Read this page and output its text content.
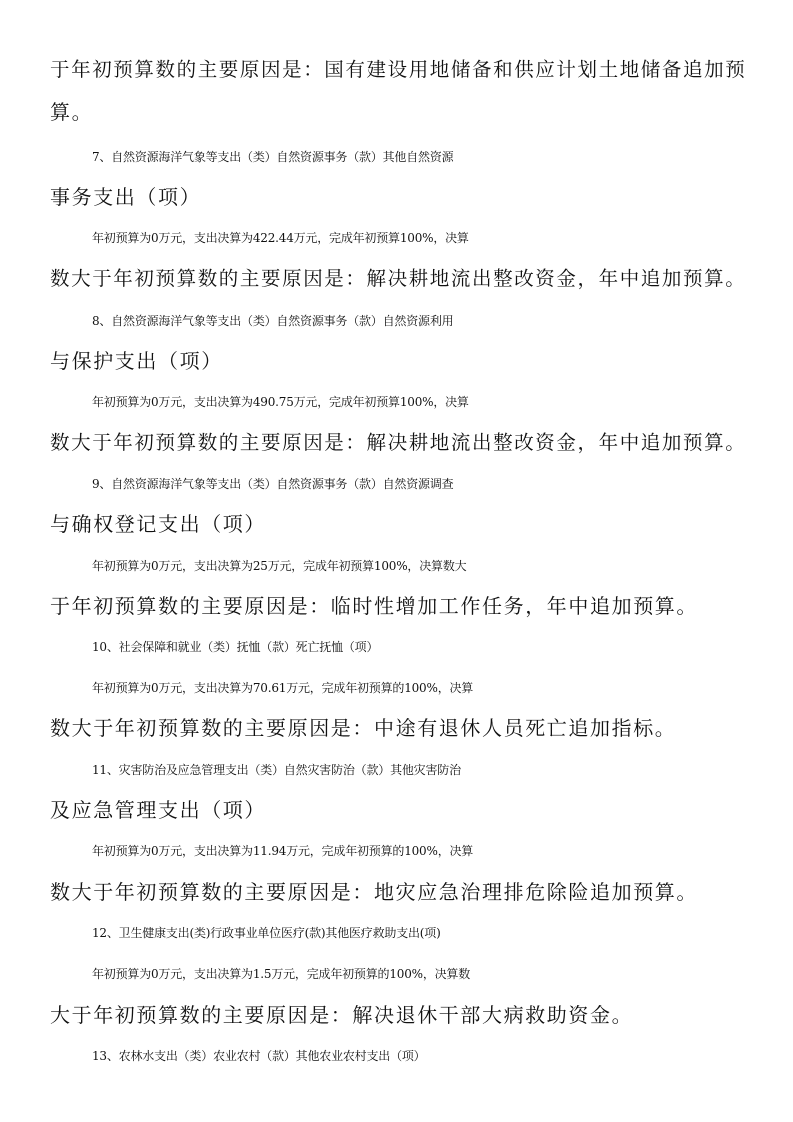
于年初预算数的主要原因是：国有建设用地储备和供应计划土地储备追加预
算。
7、自然资源海洋气象等支出（类）自然资源事务（款）其他自然资源
事务支出（项）
年初预算为0万元，支出决算为422.44万元，完成年初预算100%，决算
数大于年初预算数的主要原因是：解决耕地流出整改资金，年中追加预算。
8、自然资源海洋气象等支出（类）自然资源事务（款）自然资源利用
与保护支出（项）
年初预算为0万元，支出决算为490.75万元，完成年初预算100%，决算
数大于年初预算数的主要原因是：解决耕地流出整改资金，年中追加预算。
9、自然资源海洋气象等支出（类）自然资源事务（款）自然资源调查
与确权登记支出（项）
年初预算为0万元，支出决算为25万元，完成年初预算100%，决算数大
于年初预算数的主要原因是：临时性增加工作任务，年中追加预算。
10、社会保障和就业（类）抚恤（款）死亡抚恤（项）
年初预算为0万元，支出决算为70.61万元，完成年初预算的100%，决算
数大于年初预算数的主要原因是：中途有退休人员死亡追加指标。
11、灾害防治及应急管理支出（类）自然灾害防治（款）其他灾害防治
及应急管理支出（项）
年初预算为0万元，支出决算为11.94万元，完成年初预算的100%，决算
数大于年初预算数的主要原因是：地灾应急治理排危除险追加预算。
12、卫生健康支出(类)行政事业单位医疗(款)其他医疗救助支出(项)
年初预算为0万元，支出决算为1.5万元，完成年初预算的100%，决算数
大于年初预算数的主要原因是：解决退休干部大病救助资金。
13、农林水支出（类）农业农村（款）其他农业农村支出（项）
